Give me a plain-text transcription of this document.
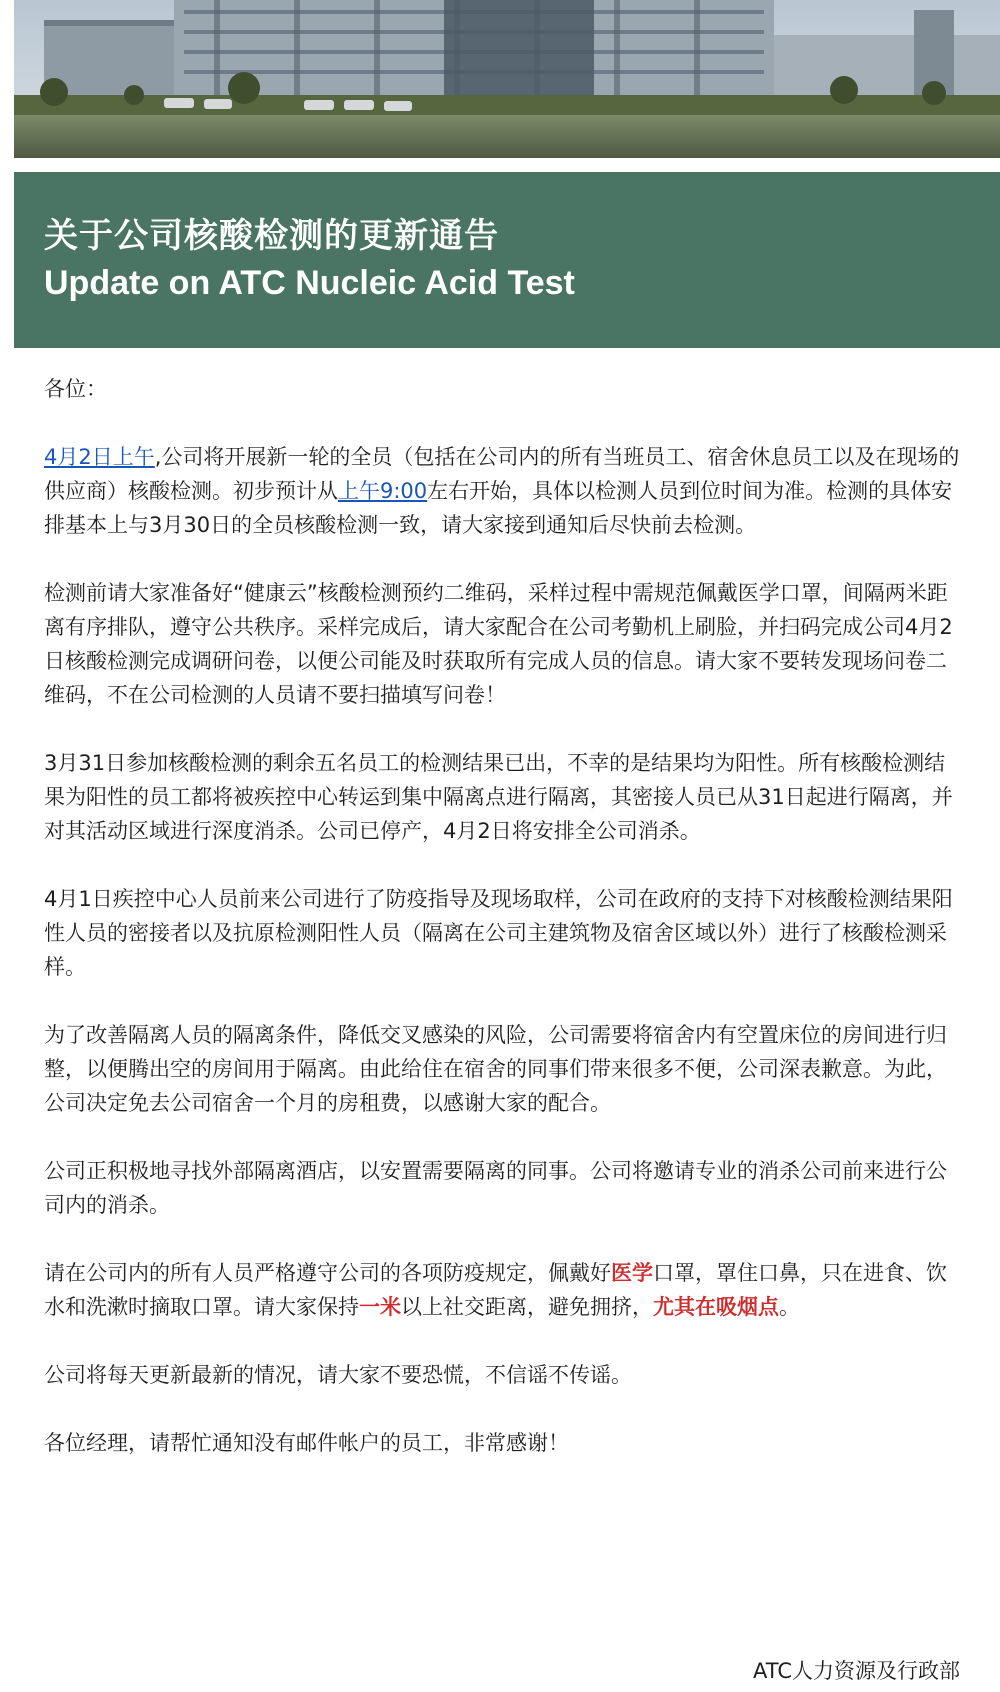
关于公司核酸检测的更新通告
Update on ATC Nucleic Acid Test

各位：

4月2日上午,公司将开展新一轮的全员（包括在公司内的所有当班员工、宿舍休息员工以及在现场的供应商）核酸检测。初步预计从上午9:00左右开始，具体以检测人员到位时间为准。检测的具体安排基本上与3月30日的全员核酸检测一致，请大家接到通知后尽快前去检测。

检测前请大家准备好“健康云”核酸检测预约二维码，采样过程中需规范佩戴医学口罩，间隔两米距离有序排队，遵守公共秩序。采样完成后，请大家配合在公司考勤机上刷脸，并扫码完成公司4月2日核酸检测完成调研问卷，以便公司能及时获取所有完成人员的信息。请大家不要转发现场问卷二维码，不在公司检测的人员请不要扫描填写问卷！

3月31日参加核酸检测的剩余五名员工的检测结果已出，不幸的是结果均为阳性。所有核酸检测结果为阳性的员工都将被疾控中心转运到集中隔离点进行隔离，其密接人员已从31日起进行隔离，并对其活动区域进行深度消杀。公司已停产，4月2日将安排全公司消杀。

4月1日疾控中心人员前来公司进行了防疫指导及现场取样，公司在政府的支持下对核酸检测结果阳性人员的密接者以及抗原检测阳性人员（隔离在公司主建筑物及宿舍区域以外）进行了核酸检测采样。

为了改善隔离人员的隔离条件，降低交叉感染的风险，公司需要将宿舍内有空置床位的房间进行归整，以便腾出空的房间用于隔离。由此给住在宿舍的同事们带来很多不便，公司深表歉意。为此，公司决定免去公司宿舍一个月的房租费，以感谢大家的配合。

公司正积极地寻找外部隔离酒店，以安置需要隔离的同事。公司将邀请专业的消杀公司前来进行公司内的消杀。

请在公司内的所有人员严格遵守公司的各项防疫规定，佩戴好医学口罩，罩住口鼻，只在进食、饮水和洗漱时摘取口罩。请大家保持一米以上社交距离，避免拥挤，尤其在吸烟点。

公司将每天更新最新的情况，请大家不要恐慌，不信谣不传谣。

各位经理，请帮忙通知没有邮件帐户的员工，非常感谢！

ATC人力资源及行政部
